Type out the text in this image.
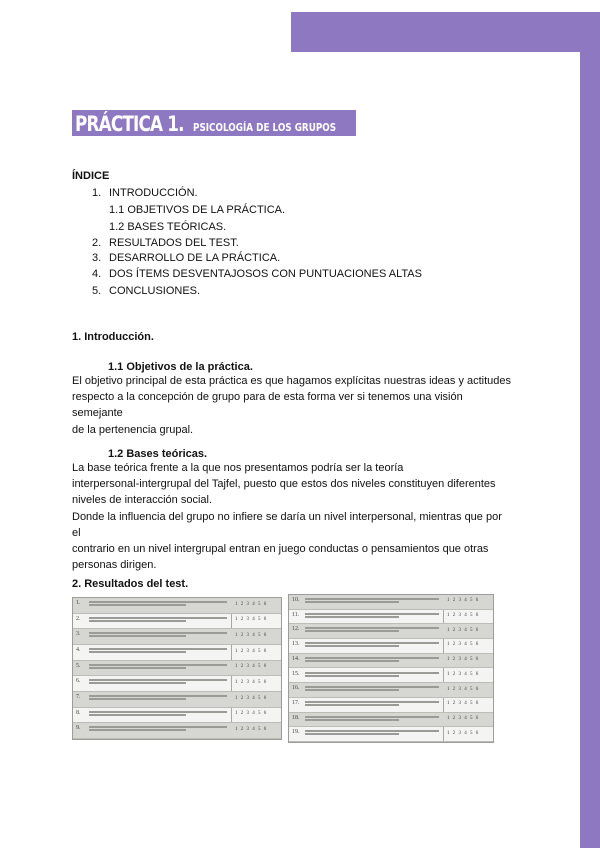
PRÁCTICA 1. PSICOLOGÍA DE LOS GRUPOS
ÍNDICE
1. INTRODUCCIÓN.
1.1 OBJETIVOS DE LA PRÁCTICA.
1.2 BASES TEÓRICAS.
2. RESULTADOS DEL TEST.
3. DESARROLLO DE LA PRÁCTICA.
4. DOS ÍTEMS DESVENTAJOSOS CON PUNTUACIONES ALTAS
5. CONCLUSIONES.
1. Introducción.
1.1 Objetivos de la práctica.
El objetivo principal de esta práctica es que hagamos explícitas nuestras ideas y actitudes
respecto a la concepción de grupo para de esta forma ver si tenemos una visión semejante
de la pertenencia grupal.
1.2 Bases teóricas.
La base teórica frente a la que nos presentamos podría ser la teoría
interpersonal-intergrupal del Tajfel, puesto que estos dos niveles constituyen diferentes
niveles de interacción social.
Donde la influencia del grupo no infiere se daría un nivel interpersonal, mientras que por el
contrario en un nivel intergrupal entran en juego conductas o pensamientos que otras
personas dirigen.
2. Resultados del test.
1.	1 2 3 4 5 6
2.	1 2 3 4 5 6
3.	1 2 3 4 5 6
4.	1 2 3 4 5 6
5.	1 2 3 4 5 6
6.	1 2 3 4 5 6
7.	1 2 3 4 5 6
8.	1 2 3 4 5 6
9.	1 2 3 4 5 6
10.	1 2 3 4 5 6
11.	1 2 3 4 5 6
12.	1 2 3 4 5 6
13.	1 2 3 4 5 6
14.	1 2 3 4 5 6
15.	1 2 3 4 5 6
16.	1 2 3 4 5 6
17.	1 2 3 4 5 6
18.	1 2 3 4 5 6
19.	1 2 3 4 5 6
